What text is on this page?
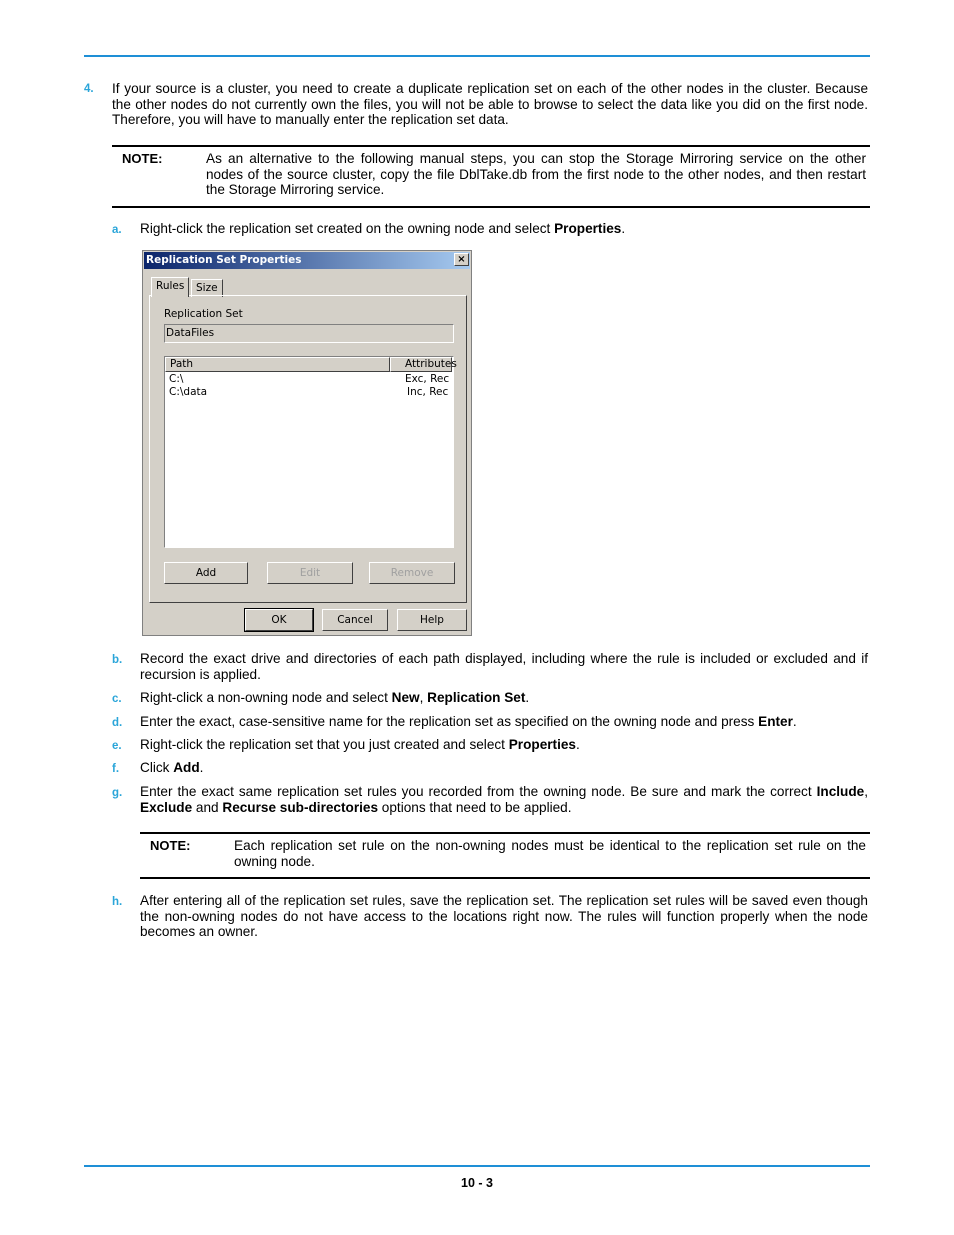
4. If your source is a cluster, you need to create a duplicate replication set on each of the other nodes in the cluster. Because the other nodes do not currently own the files, you will not be able to browse to select the data like you did on the first node. Therefore, you will have to manually enter the replication set data.
NOTE:	As an alternative to the following manual steps, you can stop the Storage Mirroring service on the other nodes of the source cluster, copy the file DblTake.db from the first node to the other nodes, and then restart the Storage Mirroring service.
a. Right-click the replication set created on the owning node and select Properties.
Replication Set Properties	×
Rules	Size
Replication Set
DataFiles
Path	Attributes
C:\	Exc, Rec
C:\data	Inc, Rec
Add	Edit	Remove
OK	Cancel	Help
b. Record the exact drive and directories of each path displayed, including where the rule is included or excluded and if recursion is applied.
c. Right-click a non-owning node and select New, Replication Set.
d. Enter the exact, case-sensitive name for the replication set as specified on the owning node and press Enter.
e. Right-click the replication set that you just created and select Properties.
f. Click Add.
g. Enter the exact same replication set rules you recorded from the owning node. Be sure and mark the correct Include, Exclude and Recurse sub-directories options that need to be applied.
NOTE:	Each replication set rule on the non-owning nodes must be identical to the replication set rule on the owning node.
h. After entering all of the replication set rules, save the replication set. The replication set rules will be saved even though the non-owning nodes do not have access to the locations right now. The rules will function properly when the node becomes an owner.
10 - 3
